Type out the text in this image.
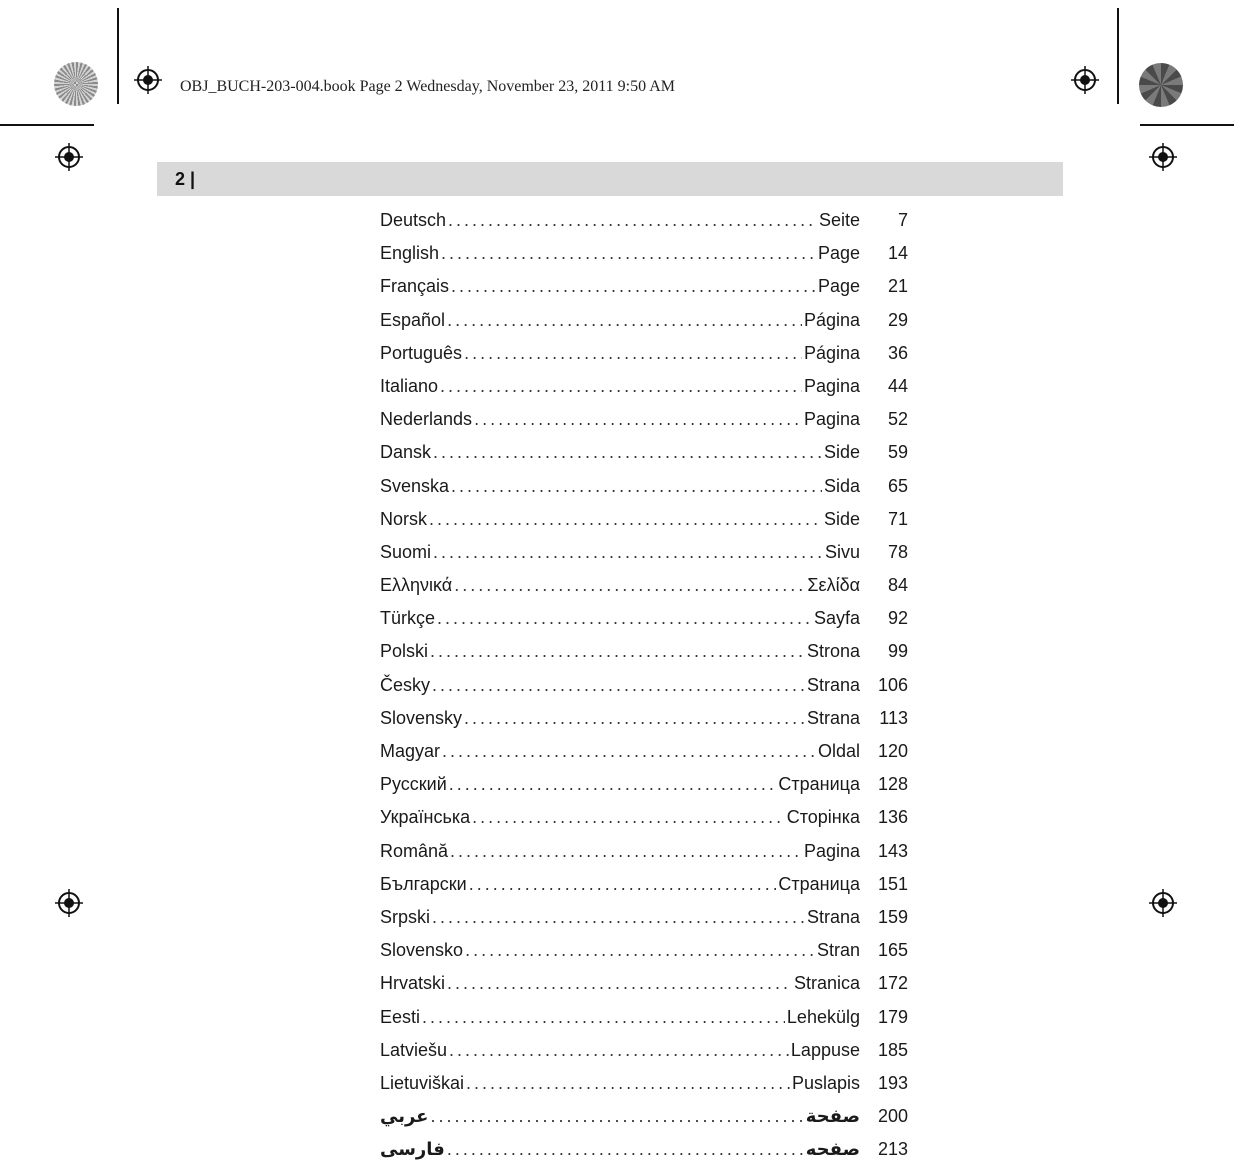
OBJ_BUCH-203-004.book Page 2 Wednesday, November 23, 2011 9:50 AM
2 |
Deutsch .....	Seite	7
English .....	Page	14
Français .....	Page	21
Español .....	Página	29
Português .....	Página	36
Italiano .....	Pagina	44
Nederlands .....	Pagina	52
Dansk .....	Side	59
Svenska .....	Sida	65
Norsk .....	Side	71
Suomi .....	Sivu	78
Ελληνικά .....	Σελίδα	84
Türkçe .....	Sayfa	92
Polski .....	Strona	99
Česky .....	Strana 106
Slovensky .....	Strana	113
Magyar .....	Oldal 120
Русский .....	Страница 128
Українська .....	Сторінка 136
Română .....	Pagina 143
Български .....	Страница 151
Srpski .....	Strana 159
Slovensko .....	Stran 165
Hrvatski .....	Stranica 172
Eesti .....	Lehekülg 179
Latviešu .....	Lappuse 185
Lietuviškai .....	Puslapis 193
عربي .....	صفحة 200
فارسی .....	صفحه 213
